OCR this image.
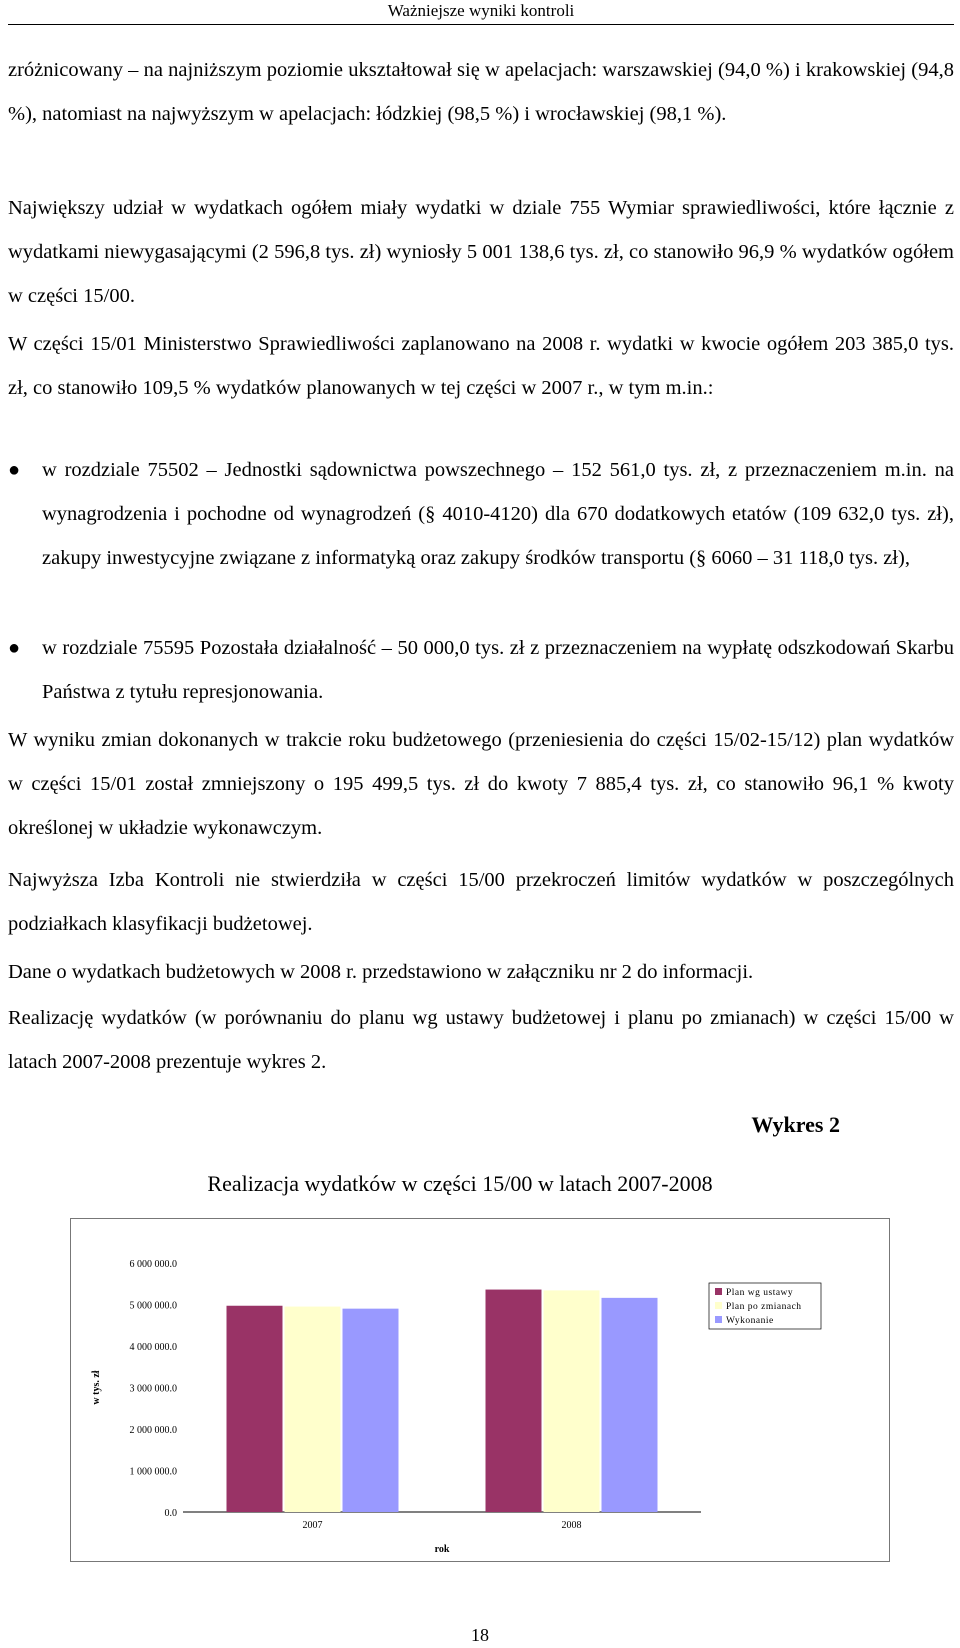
Ważniejsze wyniki kontroli

zróżnicowany – na najniższym poziomie ukształtował się w apelacjach: warszawskiej (94,0 %) i krakowskiej (94,8 %), natomiast na najwyższym w apelacjach: łódzkiej (98,5 %) i wrocławskiej (98,1 %).

Największy udział w wydatkach ogółem miały wydatki w dziale 755 Wymiar sprawiedliwości, które łącznie z wydatkami niewygasającymi (2 596,8 tys. zł) wyniosły 5 001 138,6 tys. zł, co stanowiło 96,9 % wydatków ogółem w części 15/00.

W części 15/01 Ministerstwo Sprawiedliwości zaplanowano na 2008 r. wydatki w kwocie ogółem 203 385,0 tys. zł, co stanowiło 109,5 % wydatków planowanych w tej części w 2007 r., w tym m.in.:

● w rozdziale 75502 – Jednostki sądownictwa powszechnego – 152 561,0 tys. zł, z przeznaczeniem m.in. na wynagrodzenia i pochodne od wynagrodzeń (§ 4010-4120) dla 670 dodatkowych etatów (109 632,0 tys. zł), zakupy inwestycyjne związane z informatyką oraz zakupy środków transportu (§ 6060 – 31 118,0 tys. zł),

● w rozdziale 75595 Pozostała działalność – 50 000,0 tys. zł z przeznaczeniem na wypłatę odszkodowań Skarbu Państwa z tytułu represjonowania.

W wyniku zmian dokonanych w trakcie roku budżetowego (przeniesienia do części 15/02-15/12) plan wydatków w części 15/01 został zmniejszony o 195 499,5 tys. zł do kwoty 7 885,4 tys. zł, co stanowiło 96,1 % kwoty określonej w układzie wykonawczym.

Najwyższa Izba Kontroli nie stwierdziła w części 15/00 przekroczeń limitów wydatków w poszczególnych podziałkach klasyfikacji budżetowej.

Dane o wydatkach budżetowych w 2008 r. przedstawiono w załączniku nr 2 do informacji.

Realizację wydatków (w porównaniu do planu wg ustawy budżetowej i planu po zmianach) w części 15/00 w latach 2007-2008 prezentuje wykres 2.

Wykres 2
Realizacja wydatków w części 15/00 w latach 2007-2008
0.0
1 000 000.0
2 000 000.0
3 000 000.0
4 000 000.0
5 000 000.0
6 000 000.0
w tys. zł
2007	2008
rok
Plan wg ustawy
Plan po zmianach
Wykonanie
18
